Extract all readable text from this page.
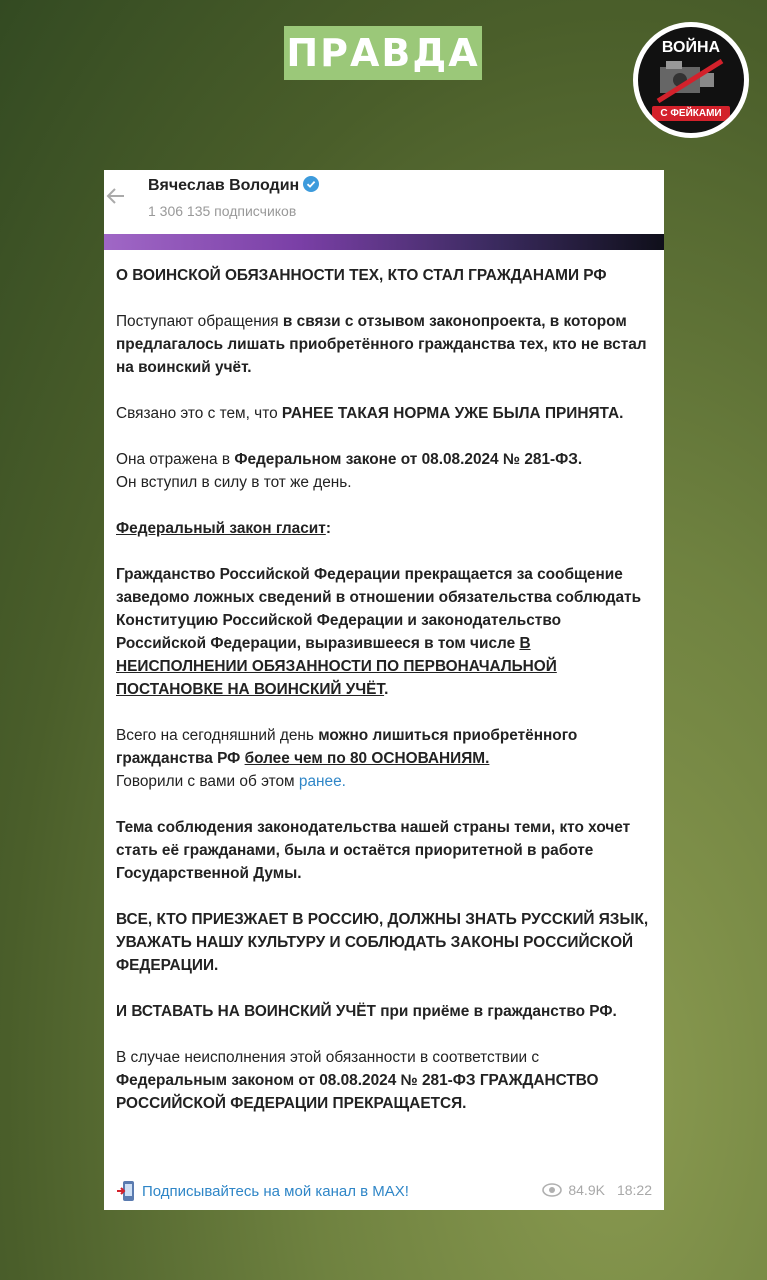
ПРАВДА	ВОЙНА
С ФЕЙКАМИ
Вячеслав Володин
1 306 135 подписчиков

О ВОИНСКОЙ ОБЯЗАННОСТИ ТЕХ, КТО СТАЛ ГРАЖДАНАМИ РФ

Поступают обращения в связи с отзывом законопроекта, в котором предлагалось лишать приобретённого гражданства тех, кто не встал на воинский учёт.

Связано это с тем, что РАНЕЕ ТАКАЯ НОРМА УЖЕ БЫЛА ПРИНЯТА.

Она отражена в Федеральном законе от 08.08.2024 № 281-ФЗ.
Он вступил в силу в тот же день.

Федеральный закон гласит:

Гражданство Российской Федерации прекращается за сообщение заведомо ложных сведений в отношении обязательства соблюдать Конституцию Российской Федерации и законодательство Российской Федерации, выразившееся в том числе В НЕИСПОЛНЕНИИ ОБЯЗАННОСТИ ПО ПЕРВОНАЧАЛЬНОЙ ПОСТАНОВКЕ НА ВОИНСКИЙ УЧЁТ.

Всего на сегодняшний день можно лишиться приобретённого гражданства РФ более чем по 80 ОСНОВАНИЯМ.
Говорили с вами об этом ранее.

Тема соблюдения законодательства нашей страны теми, кто хочет стать её гражданами, была и остаётся приоритетной в работе Государственной Думы.

ВСЕ, КТО ПРИЕЗЖАЕТ В РОССИЮ, ДОЛЖНЫ ЗНАТЬ РУССКИЙ ЯЗЫК, УВАЖАТЬ НАШУ КУЛЬТУРУ И СОБЛЮДАТЬ ЗАКОНЫ РОССИЙСКОЙ ФЕДЕРАЦИИ.

И ВСТАВАТЬ НА ВОИНСКИЙ УЧЁТ при приёме в гражданство РФ.

В случае неисполнения этой обязанности в соответствии с Федеральным законом от 08.08.2024 № 281-ФЗ ГРАЖДАНСТВО РОССИЙСКОЙ ФЕДЕРАЦИИ ПРЕКРАЩАЕТСЯ.

Подписывайтесь на мой канал в MAX!	84.9K 18:22
